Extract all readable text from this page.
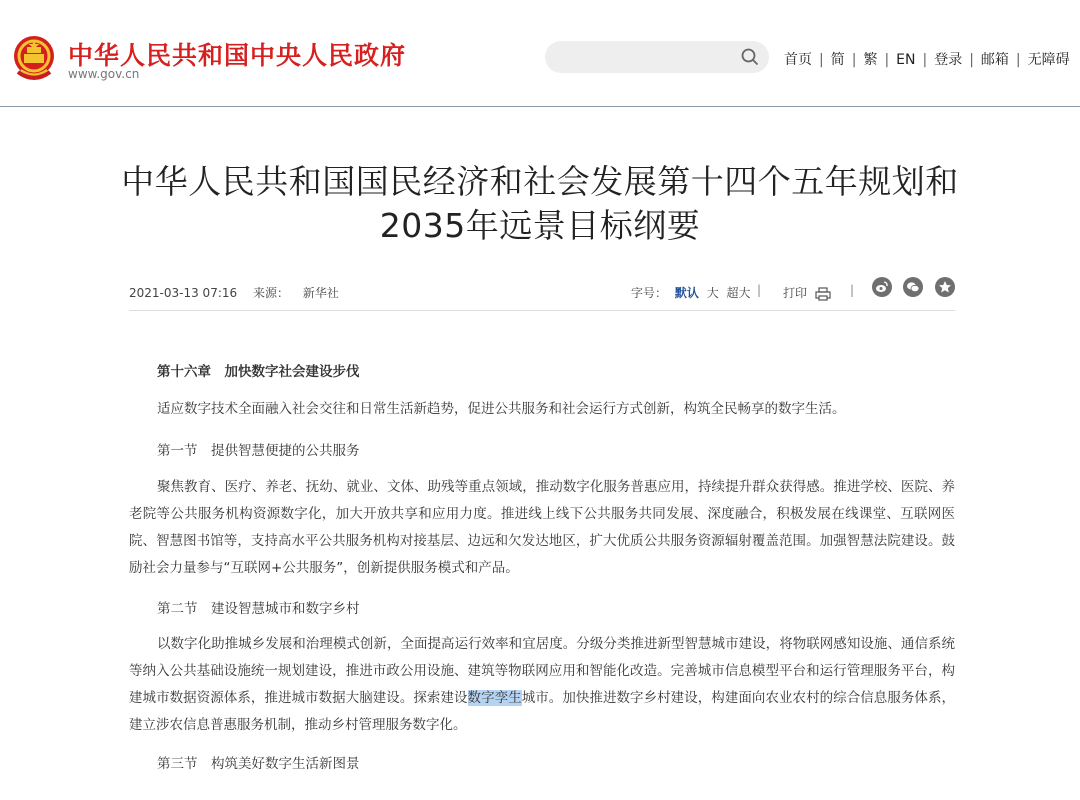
中华人民共和国中央人民政府
www.gov.cn
首页 | 简 | 繁 | EN | 登录 | 邮箱 | 无障碍
中华人民共和国国民经济和社会发展第十四个五年规划和
2035年远景目标纲要
2021-03-13 07:16 来源： 新华社	字号： 默认 大 超大 | 打印	|

第十六章　加快数字社会建设步伐

适应数字技术全面融入社会交往和日常生活新趋势，促进公共服务和社会运行方式创新，构筑全民畅享的数字生活。

第一节　提供智慧便捷的公共服务

聚焦教育、医疗、养老、抚幼、就业、文体、助残等重点领域，推动数字化服务普惠应用，持续提升群众获得感。推进学校、医院、养老院等公共服务机构资源数字化，加大开放共享和应用力度。推进线上线下公共服务共同发展、深度融合，积极发展在线课堂、互联网医院、智慧图书馆等，支持高水平公共服务机构对接基层、边远和欠发达地区，扩大优质公共服务资源辐射覆盖范围。加强智慧法院建设。鼓励社会力量参与“互联网+公共服务”，创新提供服务模式和产品。

第二节　建设智慧城市和数字乡村

以数字化助推城乡发展和治理模式创新，全面提高运行效率和宜居度。分级分类推进新型智慧城市建设，将物联网感知设施、通信系统等纳入公共基础设施统一规划建设，推进市政公用设施、建筑等物联网应用和智能化改造。完善城市信息模型平台和运行管理服务平台，构建城市数据资源体系，推进城市数据大脑建设。探索建设数字孪生城市。加快推进数字乡村建设，构建面向农业农村的综合信息服务体系，建立涉农信息普惠服务机制，推动乡村管理服务数字化。

第三节　构筑美好数字生活新图景
